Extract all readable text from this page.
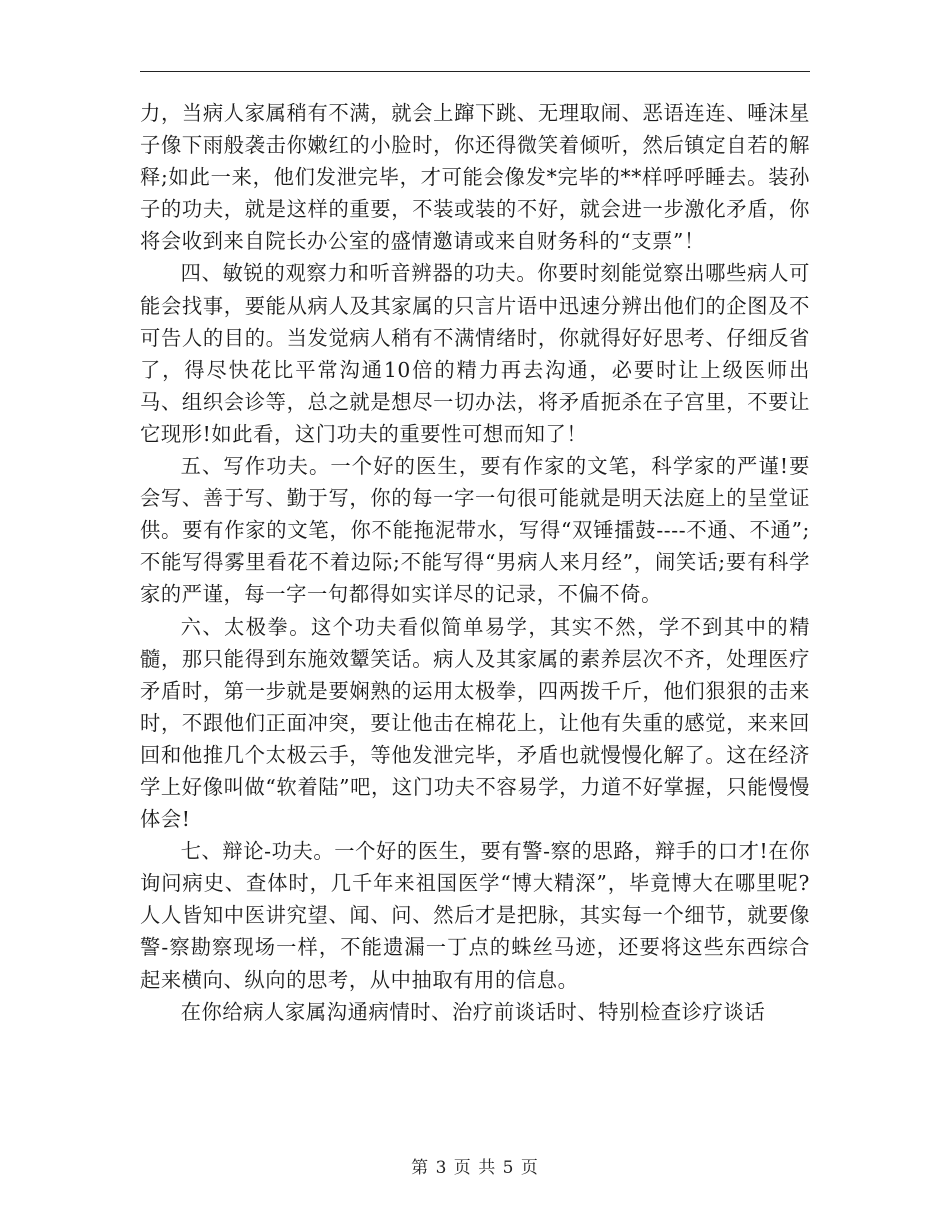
力，当病人家属稍有不满，就会上蹿下跳、无理取闹、恶语连连、唾沫星子像下雨般袭击你嫩红的小脸时，你还得微笑着倾听，然后镇定自若的解释;如此一来，他们发泄完毕，才可能会像发*完毕的**样呼呼睡去。装孙子的功夫，就是这样的重要，不装或装的不好，就会进一步激化矛盾，你将会收到来自院长办公室的盛情邀请或来自财务科的“支票”！

四、敏锐的观察力和听音辨器的功夫。你要时刻能觉察出哪些病人可能会找事，要能从病人及其家属的只言片语中迅速分辨出他们的企图及不可告人的目的。当发觉病人稍有不满情绪时，你就得好好思考、仔细反省了，得尽快花比平常沟通10倍的精力再去沟通，必要时让上级医师出马、组织会诊等，总之就是想尽一切办法，将矛盾扼杀在子宫里，不要让它现形!如此看，这门功夫的重要性可想而知了！

五、写作功夫。一个好的医生，要有作家的文笔，科学家的严谨!要会写、善于写、勤于写，你的每一字一句很可能就是明天法庭上的呈堂证供。要有作家的文笔，你不能拖泥带水，写得“双锤擂鼓----不通、不通”;不能写得雾里看花不着边际;不能写得“男病人来月经”，闹笑话;要有科学家的严谨，每一字一句都得如实详尽的记录，不偏不倚。

六、太极拳。这个功夫看似简单易学，其实不然，学不到其中的精髓，那只能得到东施效颦笑话。病人及其家属的素养层次不齐，处理医疗矛盾时，第一步就是要娴熟的运用太极拳，四两拨千斤，他们狠狠的击来时，不跟他们正面冲突，要让他击在棉花上，让他有失重的感觉，来来回回和他推几个太极云手，等他发泄完毕，矛盾也就慢慢化解了。这在经济学上好像叫做“软着陆”吧，这门功夫不容易学，力道不好掌握，只能慢慢体会!

七、辩论-功夫。一个好的医生，要有警-察的思路，辩手的口才!在你询问病史、查体时，几千年来祖国医学“博大精深”，毕竟博大在哪里呢?人人皆知中医讲究望、闻、问、然后才是把脉，其实每一个细节，就要像警-察勘察现场一样，不能遗漏一丁点的蛛丝马迹，还要将这些东西综合起来横向、纵向的思考，从中抽取有用的信息。

在你给病人家属沟通病情时、治疗前谈话时、特别检查诊疗谈话

第 3 页 共 5 页
